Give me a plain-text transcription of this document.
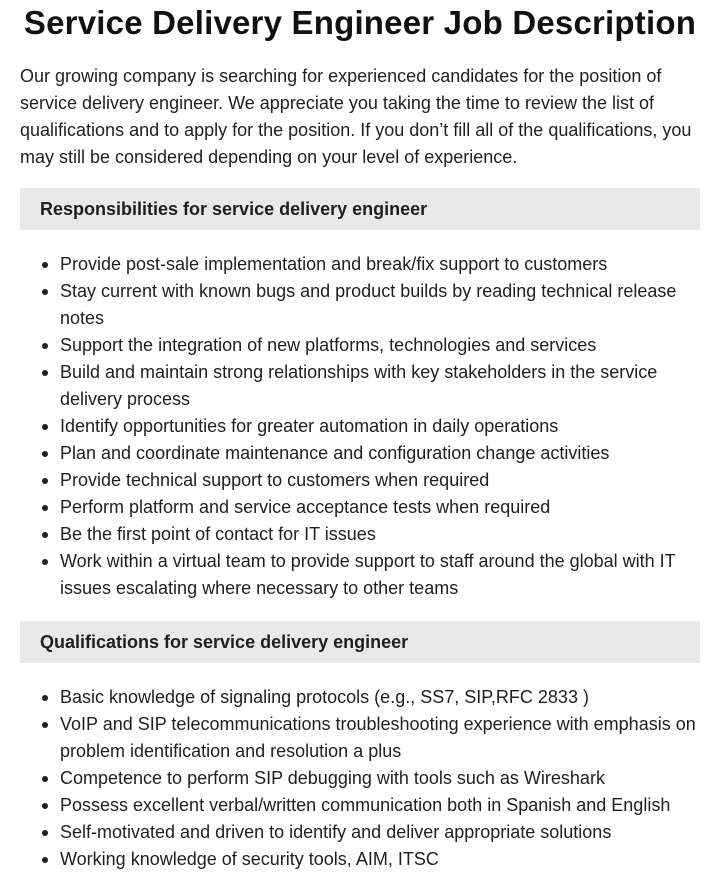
Service Delivery Engineer Job Description

Our growing company is searching for experienced candidates for the position of service delivery engineer. We appreciate you taking the time to review the list of qualifications and to apply for the position. If you don’t fill all of the qualifications, you may still be considered depending on your level of experience.

Responsibilities for service delivery engineer
Provide post-sale implementation and break/fix support to customers
Stay current with known bugs and product builds by reading technical release notes
Support the integration of new platforms, technologies and services
Build and maintain strong relationships with key stakeholders in the service delivery process
Identify opportunities for greater automation in daily operations
Plan and coordinate maintenance and configuration change activities
Provide technical support to customers when required
Perform platform and service acceptance tests when required
Be the first point of contact for IT issues
Work within a virtual team to provide support to staff around the global with IT issues escalating where necessary to other teams
Qualifications for service delivery engineer
Basic knowledge of signaling protocols (e.g., SS7, SIP,RFC 2833 )
VoIP and SIP telecommunications troubleshooting experience with emphasis on problem identification and resolution a plus
Competence to perform SIP debugging with tools such as Wireshark
Possess excellent verbal/written communication both in Spanish and English
Self-motivated and driven to identify and deliver appropriate solutions
Working knowledge of security tools, AIM, ITSC
